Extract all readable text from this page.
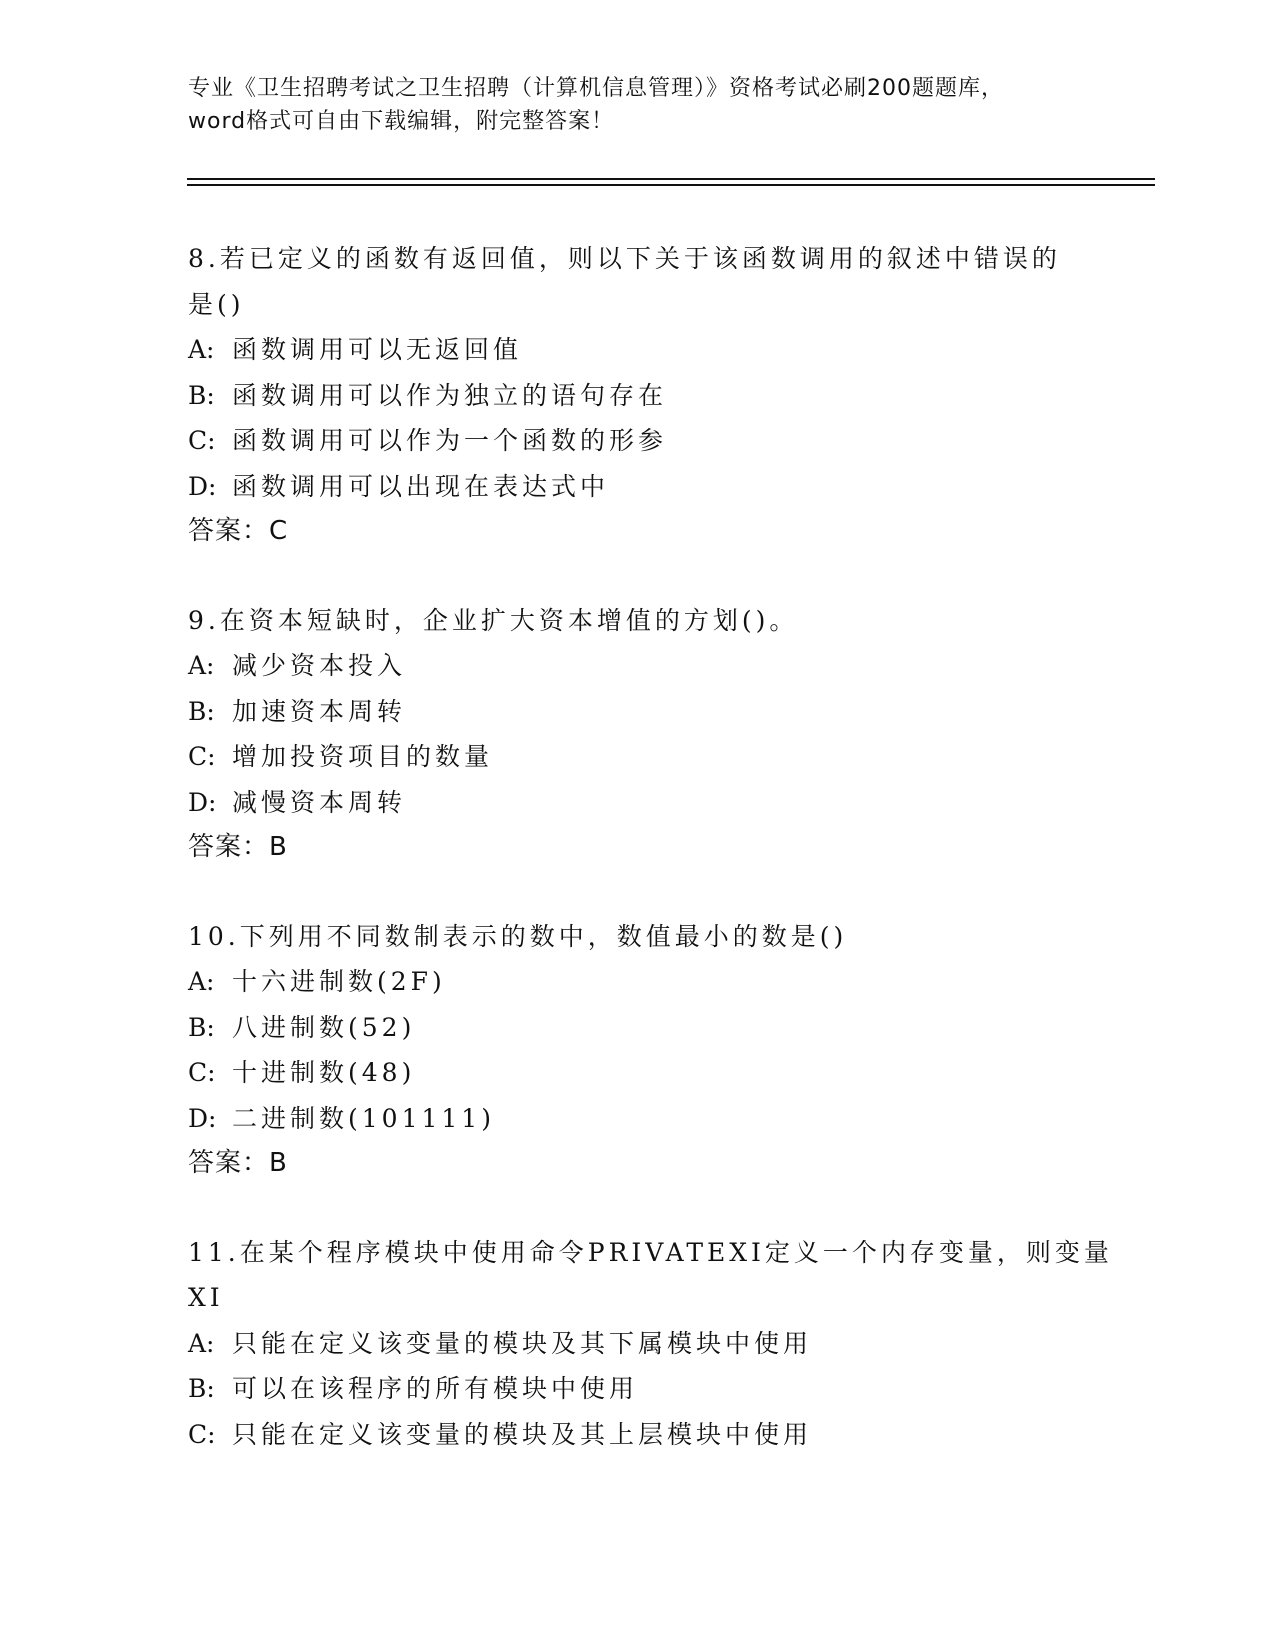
专业《卫生招聘考试之卫生招聘（计算机信息管理）》资格考试必刷200题题库，
word格式可自由下载编辑，附完整答案！
8.若已定义的函数有返回值，则以下关于该函数调用的叙述中错误的
是()
A: 函数调用可以无返回值
B: 函数调用可以作为独立的语句存在
C: 函数调用可以作为一个函数的形参
D: 函数调用可以出现在表达式中
答案：C
9.在资本短缺时，企业扩大资本增值的方划()。
A: 减少资本投入
B: 加速资本周转
C: 增加投资项目的数量
D: 减慢资本周转
答案：B
10.下列用不同数制表示的数中，数值最小的数是()
A: 十六进制数(2F)
B: 八进制数(52)
C: 十进制数(48)
D: 二进制数(101111)
答案：B
11.在某个程序模块中使用命令PRIVATEXI定义一个内存变量，则变量
XI
A: 只能在定义该变量的模块及其下属模块中使用
B: 可以在该程序的所有模块中使用
C: 只能在定义该变量的模块及其上层模块中使用
